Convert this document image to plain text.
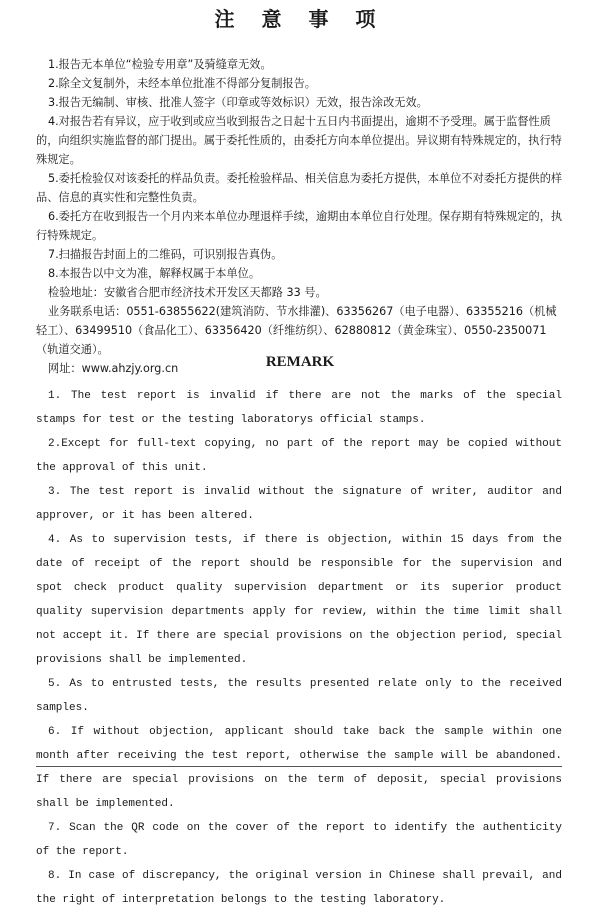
注 意 事 项

1.报告无本单位“检验专用章”及骑缝章无效。

2.除全文复制外，未经本单位批准不得部分复制报告。

3.报告无编制、审核、批准人签字（印章或等效标识）无效，报告涂改无效。

4.对报告若有异议，应于收到或应当收到报告之日起十五日内书面提出，逾期不予受理。属于监督性质的，向组织实施监督的部门提出。属于委托性质的，由委托方向本单位提出。异议期有特殊规定的，执行特殊规定。

5.委托检验仅对该委托的样品负责。委托检验样品、相关信息为委托方提供，本单位不对委托方提供的样品、信息的真实性和完整性负责。

6.委托方在收到报告一个月内来本单位办理退样手续，逾期由本单位自行处理。保存期有特殊规定的，执行特殊规定。

7.扫描报告封面上的二维码，可识别报告真伪。

8.本报告以中文为准，解释权属于本单位。

检验地址：安徽省合肥市经济技术开发区天都路 33 号。

业务联系电话：0551-63855622(建筑消防、节水排灌)、63356267（电子电器）、63355216（机械轻工）、63499510（食品化工）、63356420（纤维纺织）、62880812（黄金珠宝）、0550-2350071（轨道交通）。

网址：www.ahzjy.org.cn	REMARK

1. The test report is invalid if there are not the marks of the special stamps for test or the testing laboratorys official stamps.

2.Except for full-text copying, no part of the report may be copied without the approval of this unit.

3. The test report is invalid without the signature of writer, auditor and approver, or it has been altered.

4. As to supervision tests, if there is objection, within 15 days from the date of receipt of the report should be responsible for the supervision and spot check product quality supervision department or its superior product quality supervision departments apply for review, within the time limit shall not accept it. If there are special provisions on the objection period, special provisions shall be implemented.

5. As to entrusted tests, the results presented relate only to the received samples.

6. If without objection, applicant should take back the sample within one month after receiving the test report, otherwise the sample will be abandoned. If there are special provisions on the term of deposit, special provisions shall be implemented.

7. Scan the QR code on the cover of the report to identify the authenticity of the report.

8. In case of discrepancy, the original version in Chinese shall prevail, and the right of interpretation belongs to the testing laboratory.
